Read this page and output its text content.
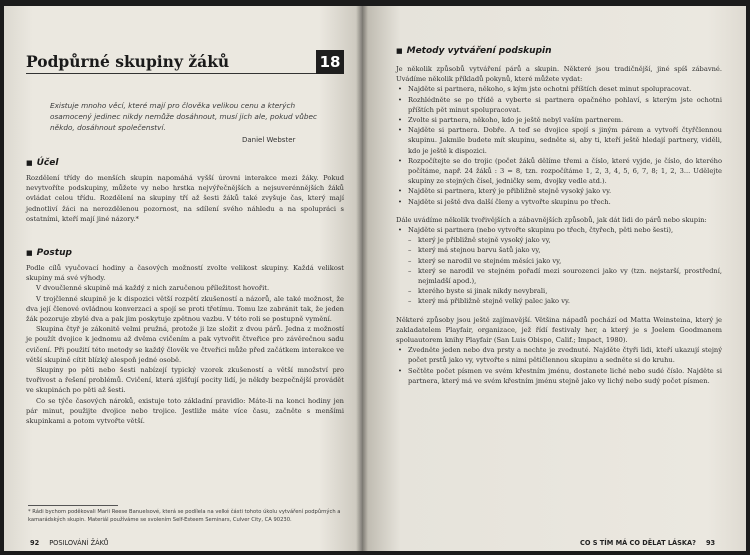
Podpůrné skupiny žáků	18
Existuje mnoho věcí, které mají pro člověka velikou cenu a kterých osamocený jedinec nikdy nemůže dosáhnout, musí jich ale, pokud vůbec někdo, dosáhnout společenství.
Daniel Webster
■ Účel

Rozdělení třídy do menších skupin napomáhá vyšší úrovni interakce mezi žáky. Pokud nevytvoříte podskupiny, můžete vy nebo hrstka nejvýřečnějších a nejsuverénnějších žáků ovládat celou třídu. Rozdělení na skupiny tří až šesti žáků také zvyšuje čas, který mají jednotliví žáci na nerozdělenou pozornost, na sdílení svého náhledu a na spolupráci s ostatními, kteří mají jiné názory.*

■ Postup

Podle cílů vyučovací hodiny a časových možností zvolte velikost skupiny. Každá velikost skupiny má své výhody.

V dvoučlenné skupině má každý z nich zaručenou příležitost hovořit.

V trojčlenné skupině je k dispozici větší rozpětí zkušeností a názorů, ale také možnost, že dva její členové ovládnou konverzaci a spojí se proti třetímu. Tomu lze zabránit tak, že jeden žák pozoruje zbylé dva a pak jim poskytuje zpětnou vazbu. V této roli se postupně vymění.

Skupina čtyř je zákonitě velmi pružná, protože ji lze složit z dvou párů. Jedna z možností je použít dvojice k jednomu až dvěma cvičením a pak vytvořit čtveřice pro závěrečnou sadu cvičení. Při použití této metody se každý člověk ve čtveřici může před začátkem interakce ve větší skupině cítit blízký alespoň jedné osobě.

Skupiny po pěti nebo šesti nabízejí typický vzorek zkušeností a větší množství pro tvořivost a řešení problémů. Cvičení, která zjišťují pocity lidí, je někdy bezpečnější provádět ve skupinách po pěti až šesti.

Co se týče časových nároků, existuje toto základní pravidlo: Máte-li na konci hodiny jen pár minut, použijte dvojice nebo trojice. Jestliže máte více času, začněte s menšími skupinkami a potom vytvořte větší.

* Rádi bychom poděkovali Marii Reese Banuelsové, která se podílela na velké části tohoto úkolu vytváření podpůrných a kamarádských skupin. Materiál používáme se svolením Self-Esteem Seminars, Culver City, CA 90230.
92 POSILOVÁNÍ ŽÁKŮ
■ Metody vytváření podskupin

Je několik způsobů vytváření párů a skupin. Některé jsou tradičnější, jiné spíš zábavné. Uvádíme několik příkladů pokynů, které můžete vydat:

• Najděte si partnera, někoho, s kým jste ochotni příštích deset minut spolupracovat.
• Rozhlédněte se po třídě a vyberte si partnera opačného pohlaví, s kterým jste ochotni příštích pět minut spolupracovat.
• Zvolte si partnera, někoho, kdo je ještě nebyl vaším partnerem.
• Najděte si partnera. Dobře. A teď se dvojice spojí s jiným párem a vytvoří čtyřčlennou skupinu. Jakmile budete mít skupinu, sedněte si, aby ti, kteří ještě hledají partnery, viděli, kdo je ještě k dispozici.
• Rozpočítejte se do trojic (počet žáků dělíme třemi a číslo, které vyjde, je číslo, do kterého počítáme, např. 24 žáků : 3 = 8, tzn. rozpočítáme 1, 2, 3, 4, 5, 6, 7, 8; 1, 2, 3... Udělejte skupiny ze stejných čísel, jedničky sem, dvojky vedle atd.).
• Najděte si partnera, který je přibližně stejně vysoký jako vy.
• Najděte si ještě dva další členy a vytvořte skupinu po třech.

Dále uvádíme několik tvořivějších a zábavnějších způsobů, jak dát lidi do párů nebo skupin:

• Najděte si partnera (nebo vytvořte skupinu po třech, čtyřech, pěti nebo šesti),
– který je přibližně stejně vysoký jako vy,
– který má stejnou barvu šatů jako vy,
– který se narodil ve stejném měsíci jako vy,
– který se narodil ve stejném pořadí mezi sourozenci jako vy (tzn. nejstarší, prostřední, nejmladší apod.),
– kterého byste si jinak nikdy nevybrali,
– který má přibližně stejně velký palec jako vy.

Některé způsoby jsou ještě zajímavější. Většina nápadů pochází od Matta Weinsteina, který je zakladatelem Playfair, organizace, jež řídí festivaly her, a který je s Joelem Goodmanem spoluautorem knihy Playfair (San Luis Obispo, Calif.; Impact, 1980).

• Zvedněte jeden nebo dva prsty a nechte je zvednuté. Najděte čtyři lidi, kteří ukazují stejný počet prstů jako vy, vytvořte s nimi pětičlennou skupinu a sedněte si do kruhu.
• Sečtěte počet písmen ve svém křestním jménu, dostanete liché nebo sudé číslo. Najděte si partnera, který má ve svém křestním jménu stejně jako vy lichý nebo sudý počet písmen.
CO S TÍM MÁ CO DĚLAT LÁSKA? 93
